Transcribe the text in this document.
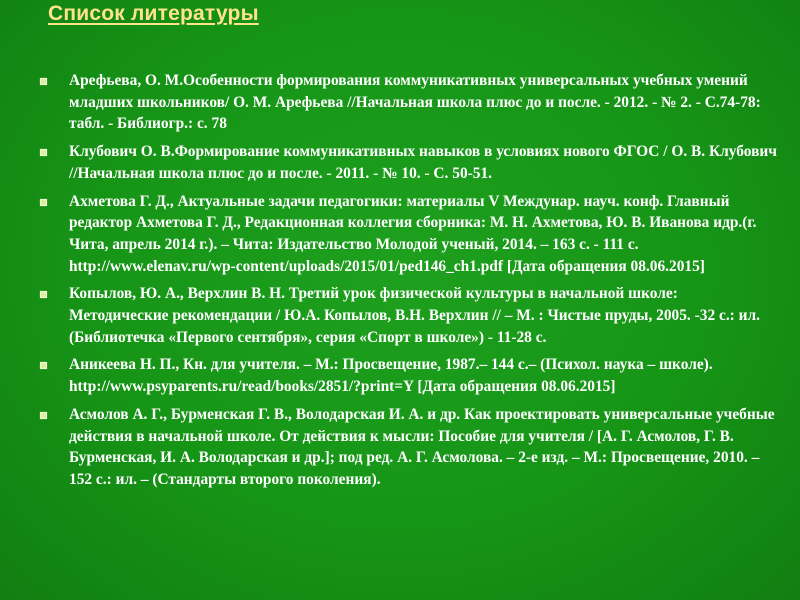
Список литературы
Арефьева, О. М.Особенности формирования коммуникативных универсальных учебных умений младших школьников/ О. М. Арефьева //Начальная школа плюс до и после. - 2012. - № 2. - С.74-78: табл. - Библиогр.: с. 78
Клубович О. В.Формирование коммуникативных навыков в условиях нового ФГОС / О. В. Клубович //Начальная школа плюс до и после. - 2011. - № 10. - С. 50-51.
Ахметова Г. Д., Актуальные задачи педагогики: материалы V Междунар. науч. конф. Главный редактор Ахметова Г. Д., Редакционная коллегия сборника: М. Н. Ахметова, Ю. В. Иванова идр.(г. Чита, апрель 2014 г.). – Чита: Издательство Молодой ученый, 2014. – 163 с. - 111 с. http://www.elenav.ru/wp-content/uploads/2015/01/ped146_ch1.pdf [Дата обращения 08.06.2015]
Копылов, Ю. А., Верхлин В. Н. Третий урок физической культуры в начальной школе: Методические рекомендации / Ю.А. Копылов, В.Н. Верхлин // – М. : Чистые пруды, 2005. -32 с.: ил. (Библиотечка «Первого сентября», серия «Спорт в школе») - 11-28 с.
Аникеева Н. П., Кн. для учителя. – М.: Просвещение, 1987.– 144 с.– (Психол. наука – школе). http://www.psyparents.ru/read/books/2851/?print=Y [Дата обращения 08.06.2015]
Асмолов А. Г., Бурменская Г. В., Володарская И. А. и др. Как проектировать универсальные учебные действия в начальной школе. От действия к мысли: Пособие для учителя / [А. Г. Асмолов, Г. В. Бурменская, И. А. Володарская и др.]; под ред. А. Г. Асмолова. – 2-е изд. – М.: Просвещение, 2010. – 152 с.: ил. – (Стандарты второго поколения).
